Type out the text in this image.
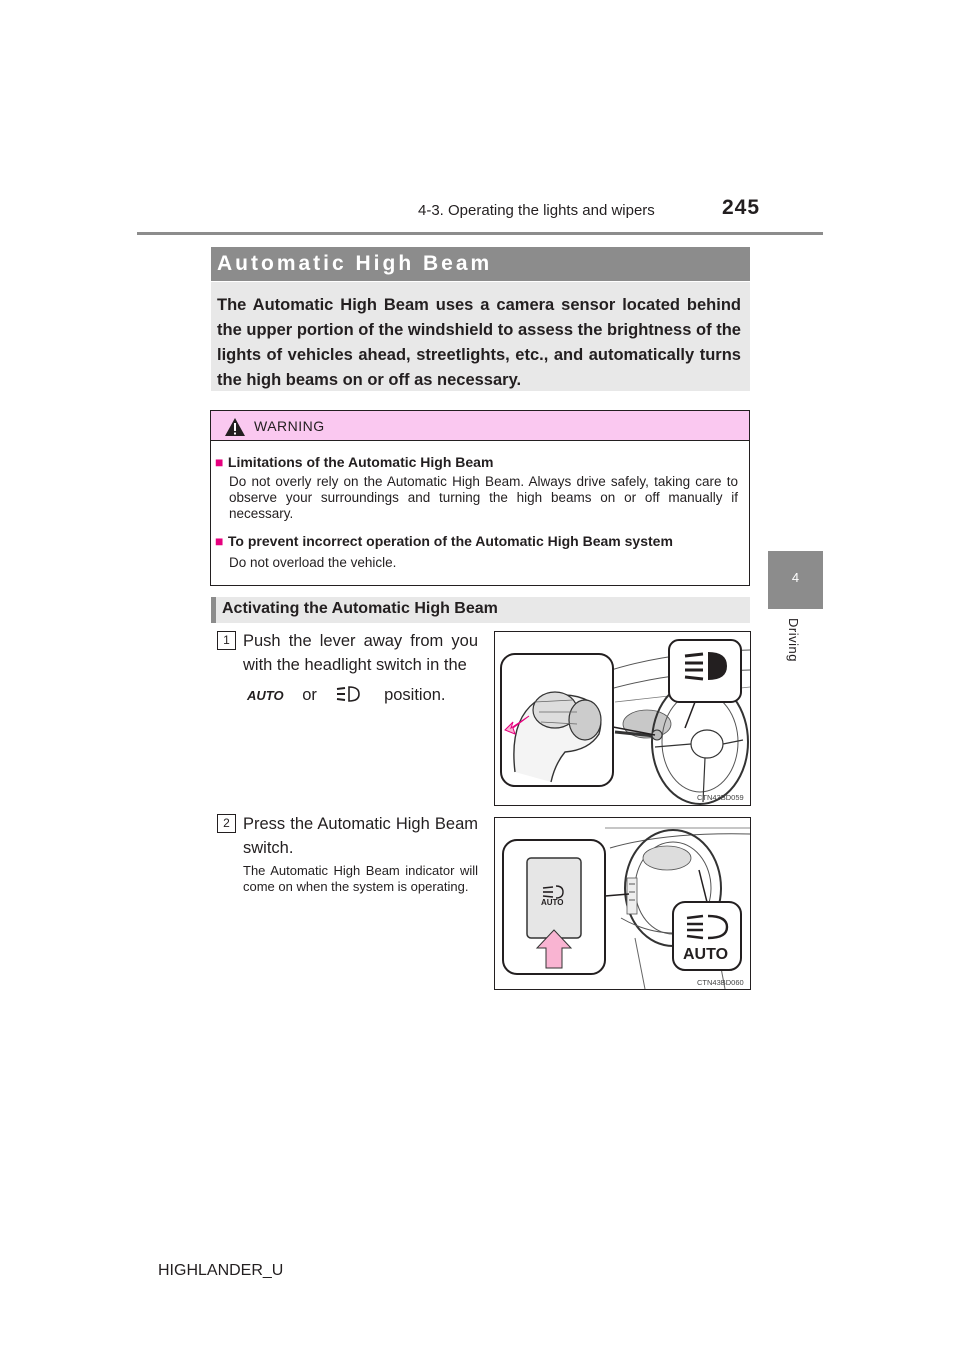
4-3. Operating the lights and wipers	245
4
Driving
Automatic High Beam
The Automatic High Beam uses a camera sensor located behind the upper portion of the windshield to assess the brightness of the lights of vehicles ahead, streetlights, etc., and automatically turns the high beams on or off as necessary.
WARNING
■ Limitations of the Automatic High Beam
Do not overly rely on the Automatic High Beam. Always drive safely, taking care to observe your surroundings and turning the high beams on or off manually if necessary.
■ To prevent incorrect operation of the Automatic High Beam system
Do not overload the vehicle.
Activating the Automatic High Beam
1 Push the lever away from you with the headlight switch in the
AUTO or	position.
CTN43BD059
2 Press the Automatic High Beam switch.
The Automatic High Beam indicator will come on when the system is operating.
AUTO
AUTO
CTN43BD060
HIGHLANDER_U
